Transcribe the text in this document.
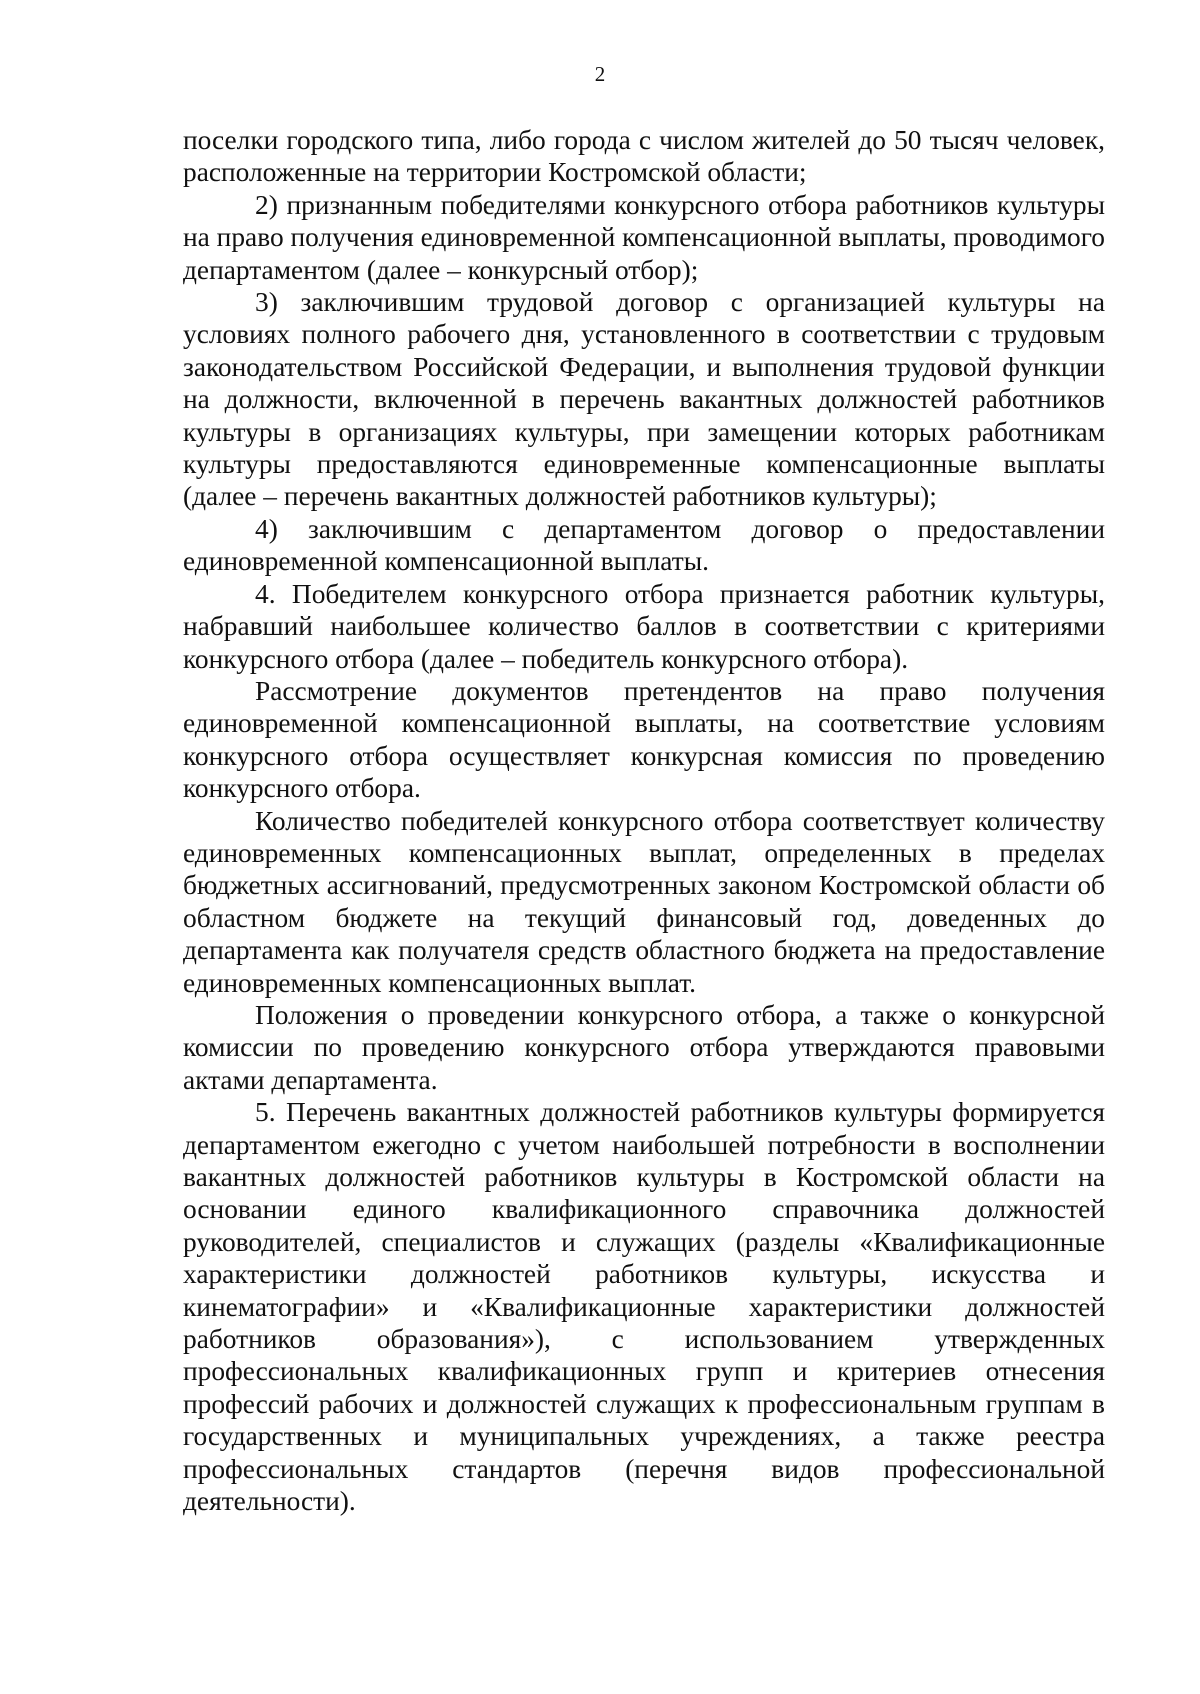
2

поселки городского типа, либо города с числом жителей до 50 тысяч человек, расположенные на территории Костромской области;

2) признанным победителями конкурсного отбора работников культуры на право получения единовременной компенсационной выплаты, проводимого департаментом (далее – конкурсный отбор);

3) заключившим трудовой договор с организацией культуры на условиях полного рабочего дня, установленного в соответствии с трудовым законодательством Российской Федерации, и выполнения трудовой функции на должности, включенной в перечень вакантных должностей работников культуры в организациях культуры, при замещении которых работникам культуры предоставляются единовременные компенсационные выплаты (далее – перечень вакантных должностей работников культуры);

4) заключившим с департаментом договор о предоставлении единовременной компенсационной выплаты.

4. Победителем конкурсного отбора признается работник культуры, набравший наибольшее количество баллов в соответствии с критериями конкурсного отбора (далее – победитель конкурсного отбора).

Рассмотрение документов претендентов на право получения единовременной компенсационной выплаты, на соответствие условиям конкурсного отбора осуществляет конкурсная комиссия по проведению конкурсного отбора.

Количество победителей конкурсного отбора соответствует количеству единовременных компенсационных выплат, определенных в пределах бюджетных ассигнований, предусмотренных законом Костромской области об областном бюджете на текущий финансовый год, доведенных до департамента как получателя средств областного бюджета на предоставление единовременных компенсационных выплат.

Положения о проведении конкурсного отбора, а также о конкурсной комиссии по проведению конкурсного отбора утверждаются правовыми актами департамента.

5. Перечень вакантных должностей работников культуры формируется департаментом ежегодно с учетом наибольшей потребности в восполнении вакантных должностей работников культуры в Костромской области на основании единого квалификационного справочника должностей руководителей, специалистов и служащих (разделы «Квалификационные характеристики должностей работников культуры, искусства и кинематографии» и «Квалификационные характеристики должностей работников образования»), с использованием утвержденных профессиональных квалификационных групп и критериев отнесения профессий рабочих и должностей служащих к профессиональным группам в государственных и муниципальных учреждениях, а также реестра профессиональных стандартов (перечня видов профессиональной деятельности).
